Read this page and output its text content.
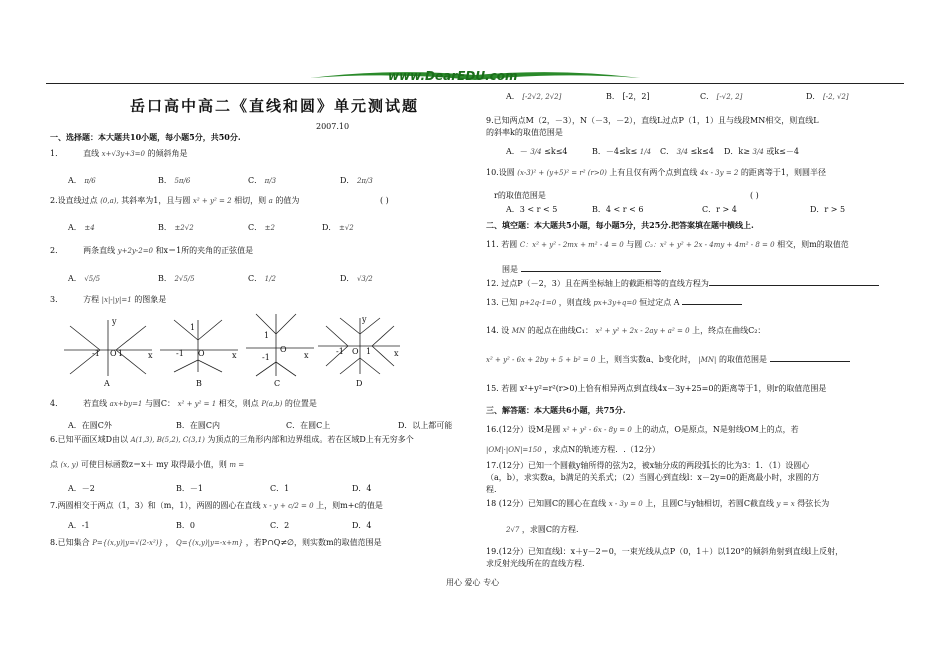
www.DearEDU.com
岳口高中高二《直线和圆》单元测试题
2007.10
一、选择题：本大题共10小题，每小题5分，共50分.
1．	直线 x+√3y+3=0 的倾斜角是
A． π/6	B． 5π/6	C． π/3	D． 2π/3
2.设直线过点 (0,a), 其斜率为1，且与圆 x² + y² = 2 相切，则 a 的值为	( )
A． ±4	B． ±2√2	C． ±2	D． ±√2
2．	两条直线 y+2y-2=0 和x＝1所的夹角的正弦值是
A． √5/5	B． 2√5/5	C． 1/2	D． √3/2
3．	方程 |x|-|y|=1 的图象是
-1 O 1	x
y
A
1
-1 O	x
B
1
-1
O
x
C
y
-1 O 1	x
D
4．	若直线 ax+by=1 与圆C： x² + y² = 1 相交，则点 P(a,b) 的位置是
A．在圆C外	B．在圆C内	C．在圆C上	D．以上都可能
6.已知平面区域D由以 A(1,3), B(5,2), C(3,1) 为顶点的三角形内部和边界组成。若在区域D上有无穷多个
点 (x, y) 可使目标函数z＝x＋ my 取得最小值，则 m =
A．－2	B．－1	C．1	D．4
7.两圆相交于两点（1，3）和（m，1），两圆的圆心在直线 x - y + c/2 = 0 上，则m+c的值是
A．-1	B．0	C．2	D．4
8.已知集合 P={(x,y)|y=√(2-x²)} ， Q={(x,y)|y=-x+m} ，若P∩Q≠∅，则实数m的取值范围是
A． [-2√2, 2√2]	B． [-2，2]	C． [-√2, 2]	D． [-2, √2]
9.已知两点M（2，－3），N（－3，－2），直线L过点P（1，1）且与线段MN相交，则直线L
的斜率k的取值范围是
A．－ 3/4 ≤k≤4	B．－4≤k≤ 1/4 C． 3/4 ≤k≤4 D．k≥ 3/4 或k≤－4
10.设圆 (x-3)² + (y+5)² = r² (r>0) 上有且仅有两个点到直线 4x - 3y = 2 的距离等于1，则圆半径
r的取值范围是	( )
A．3 < r < 5	B．4 < r < 6	C．r > 4	D．r > 5
二、填空题：本大题共5小题，每小题5分，共25分.把答案填在题中横线上.
11. 若圆 C：x² + y² - 2mx + m² - 4 = 0 与圆 C₂：x² + y² + 2x - 4my + 4m² - 8 = 0 相交，则m的取值范
围是
12. 过点P（－2，3）且在两坐标轴上的截距相等的直线方程为
13. 已知 p+2q-1=0 ，则直线 px+3y+q=0 恒过定点 A
14. 设 MN 的起点在曲线C₁： x² + y² + 2x - 2ay + a² = 0 上，终点在曲线C₂：
x² + y² - 6x + 2by + 5 + b² = 0 上，则当实数a、b变化时， |MN| 的取值范围是
15. 若圆 x²+y²=r²(r>0)上恰有相异两点到直线4x－3y+25=0的距离等于1，则r的取值范围是
三、解答题：本大题共6小题，共75分.
16.(12分）设M是圆 x² + y² - 6x - 8y = 0 上的动点，O是原点，N是射线OM上的点，若
|OM|·|ON|=150 ，求点N的轨迹方程．.（12分）
17.(12分）已知一个圆截y轴所得的弦为2，被x轴分成的两段弧长的比为3：1．（1）设圆心
（a，b），求实数a，b满足的关系式；（2）当圆心到直线l：x－2y=0的距离最小时，求圆的方
程.
18 (12分）已知圆C的圆心在直线 x - 3y = 0 上，且圆C与y轴相切，若圆C截直线 y = x 得弦长为
2√7 ，求圆C的方程.
19.(12分）已知直线l：x＋y－2＝0，一束光线从点P（0，1＋）以120°的倾斜角射到直线l上反射，
求反射光线所在的直线方程.
用心 爱心 专心
